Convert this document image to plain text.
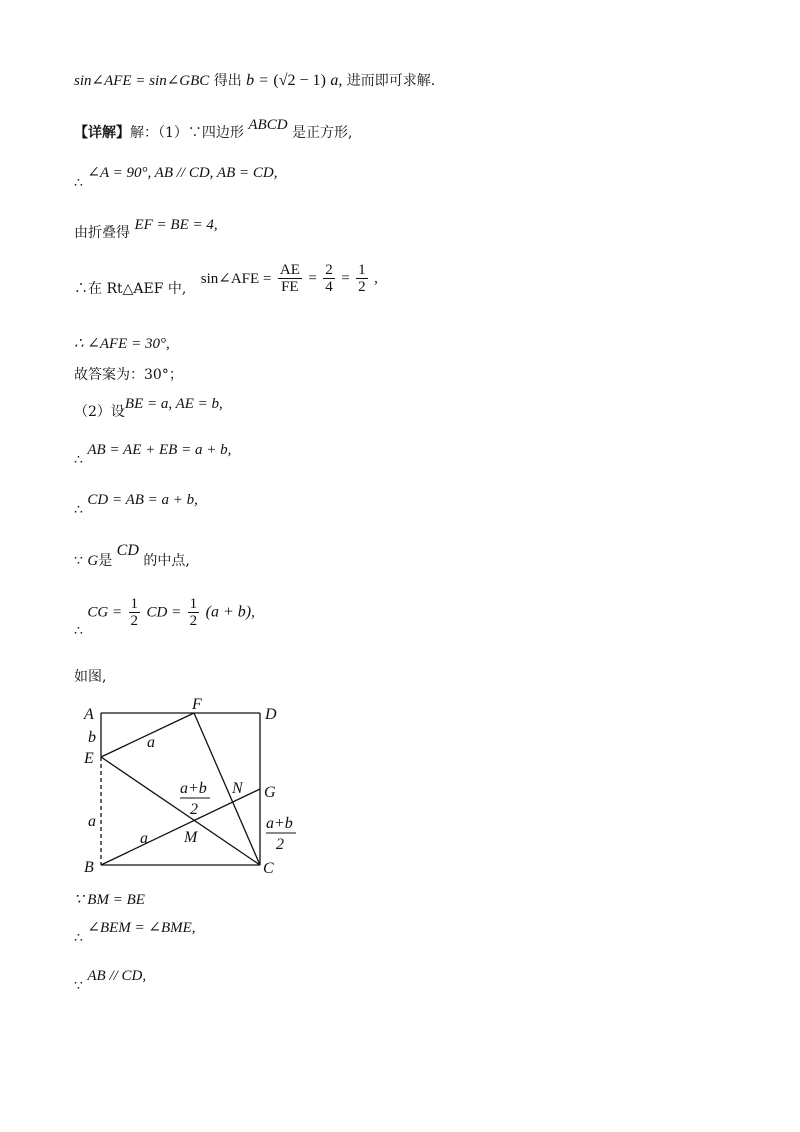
sin∠AFE = sin∠GBC 得出 b = (√2 − 1) a, 进而即可求解.
【详解】解：（1）∵四边形 ABCD 是正方形,
∴ ∠A = 90°, AB // CD, AB = CD,
由折叠得 EF = BE = 4,
∴在 Rt△AEF 中, sin∠AFE = $\frac{AE}{FE} = \frac{2}{4} = \frac{1}{2}$ ,
∴ ∠AFE = 30°,
故答案为：30°；
（2）设BE = a, AE = b,
∴ AB = AE + EB = a + b,
∴ CD = AB = a + b,
∵ G是 CD 的中点,
∴ CG = $\frac{1}{2}$ CD = $\frac{1}{2} (a + b)$,
如图,
A
E
B
F
D
G
C
M
N
b
a
a
a
a+b
2
a+b
2
∵ BM = BE
∴ ∠BEM = ∠BME,
∵ AB // CD,
